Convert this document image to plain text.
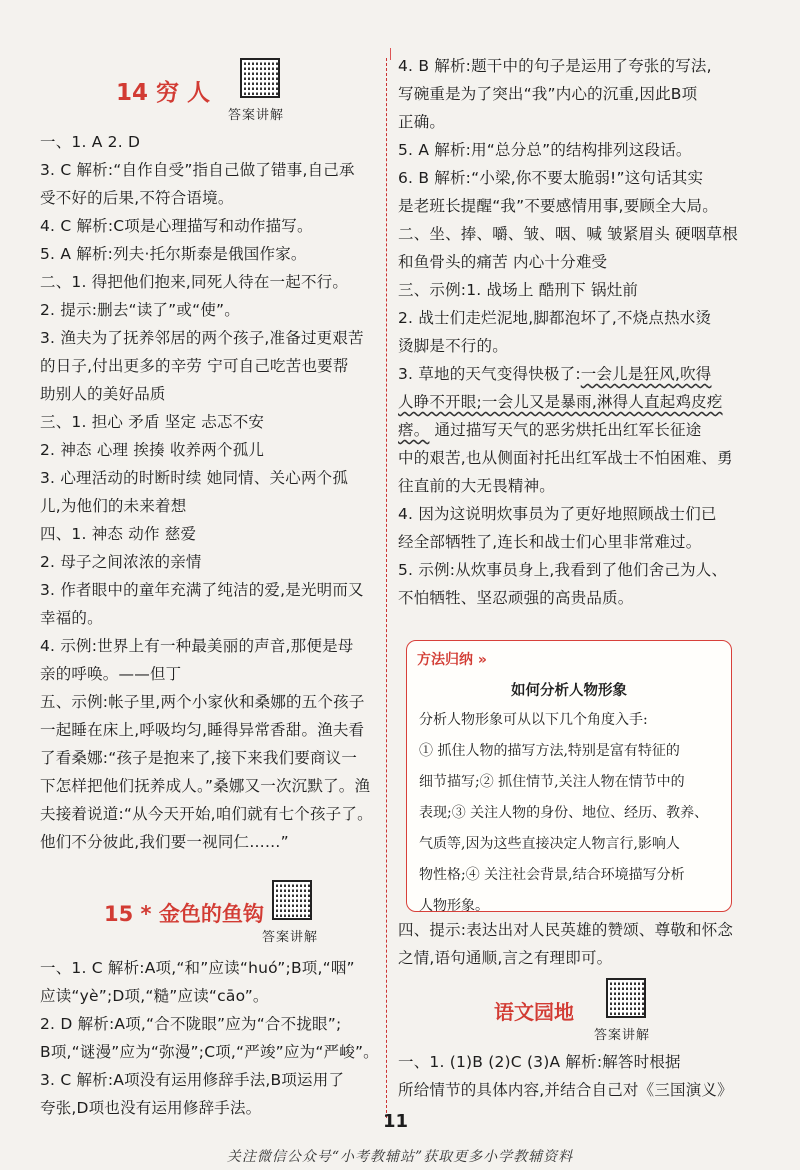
14 穷 人
答案讲解
一、1. A 2. D
3. C 解析:“自作自受”指自己做了错事,自己承
受不好的后果,不符合语境。
4. C 解析:C项是心理描写和动作描写。
5. A 解析:列夫·托尔斯泰是俄国作家。
二、1. 得把他们抱来,同死人待在一起不行。
2. 提示:删去“读了”或“使”。
3. 渔夫为了抚养邻居的两个孩子,准备过更艰苦
的日子,付出更多的辛劳 宁可自己吃苦也要帮
助别人的美好品质
三、1. 担心 矛盾 坚定 忐忑不安
2. 神态 心理 挨揍 收养两个孤儿
3. 心理活动的时断时续 她同情、关心两个孤
儿,为他们的未来着想
四、1. 神态 动作 慈爱
2. 母子之间浓浓的亲情
3. 作者眼中的童年充满了纯洁的爱,是光明而又
幸福的。
4. 示例:世界上有一种最美丽的声音,那便是母
亲的呼唤。——但丁
五、示例:帐子里,两个小家伙和桑娜的五个孩子
一起睡在床上,呼吸均匀,睡得异常香甜。渔夫看
了看桑娜:“孩子是抱来了,接下来我们要商议一
下怎样把他们抚养成人。”桑娜又一次沉默了。渔
夫接着说道:“从今天开始,咱们就有七个孩子了。
他们不分彼此,我们要一视同仁……”
15 * 金色的鱼钩
答案讲解
一、1. C 解析:A项,“和”应读“huó”;B项,“咽”
应读“yè”;D项,“糙”应读“cāo”。
2. D 解析:A项,“合不陇眼”应为“合不拢眼”;
B项,“谜漫”应为“弥漫”;C项,“严竣”应为“严峻”。
3. C 解析:A项没有运用修辞手法,B项运用了
夸张,D项也没有运用修辞手法。
4. B 解析:题干中的句子是运用了夸张的写法,
写碗重是为了突出“我”内心的沉重,因此B项
正确。
5. A 解析:用“总分总”的结构排列这段话。
6. B 解析:“小梁,你不要太脆弱!”这句话其实
是老班长提醒“我”不要感情用事,要顾全大局。
二、坐、捧、嚼、皱、咽、喊 皱紧眉头 硬咽草根
和鱼骨头的痛苦 内心十分难受
三、示例:1. 战场上 酷刑下 锅灶前
2. 战士们走烂泥地,脚都泡坏了,不烧点热水烫
烫脚是不行的。
3. 草地的天气变得快极了:一会儿是狂风,吹得
人睁不开眼;一会儿又是暴雨,淋得人直起鸡皮疙
瘩。 通过描写天气的恶劣烘托出红军长征途
中的艰苦,也从侧面衬托出红军战士不怕困难、勇
往直前的大无畏精神。
4. 因为这说明炊事员为了更好地照顾战士们已
经全部牺牲了,连长和战士们心里非常难过。
5. 示例:从炊事员身上,我看到了他们舍己为人、
不怕牺牲、坚忍顽强的高贵品质。
方法归纳 »
如何分析人物形象
分析人物形象可从以下几个角度入手:
① 抓住人物的描写方法,特别是富有特征的
细节描写;② 抓住情节,关注人物在情节中的
表现;③ 关注人物的身份、地位、经历、教养、
气质等,因为这些直接决定人物言行,影响人
物性格;④ 关注社会背景,结合环境描写分析
人物形象。
四、提示:表达出对人民英雄的赞颂、尊敬和怀念
之情,语句通顺,言之有理即可。
语文园地
答案讲解
一、1. (1)B (2)C (3)A 解析:解答时根据
所给情节的具体内容,并结合自己对《三国演义》
11
关注微信公众号“小考教辅站”获取更多小学教辅资料
